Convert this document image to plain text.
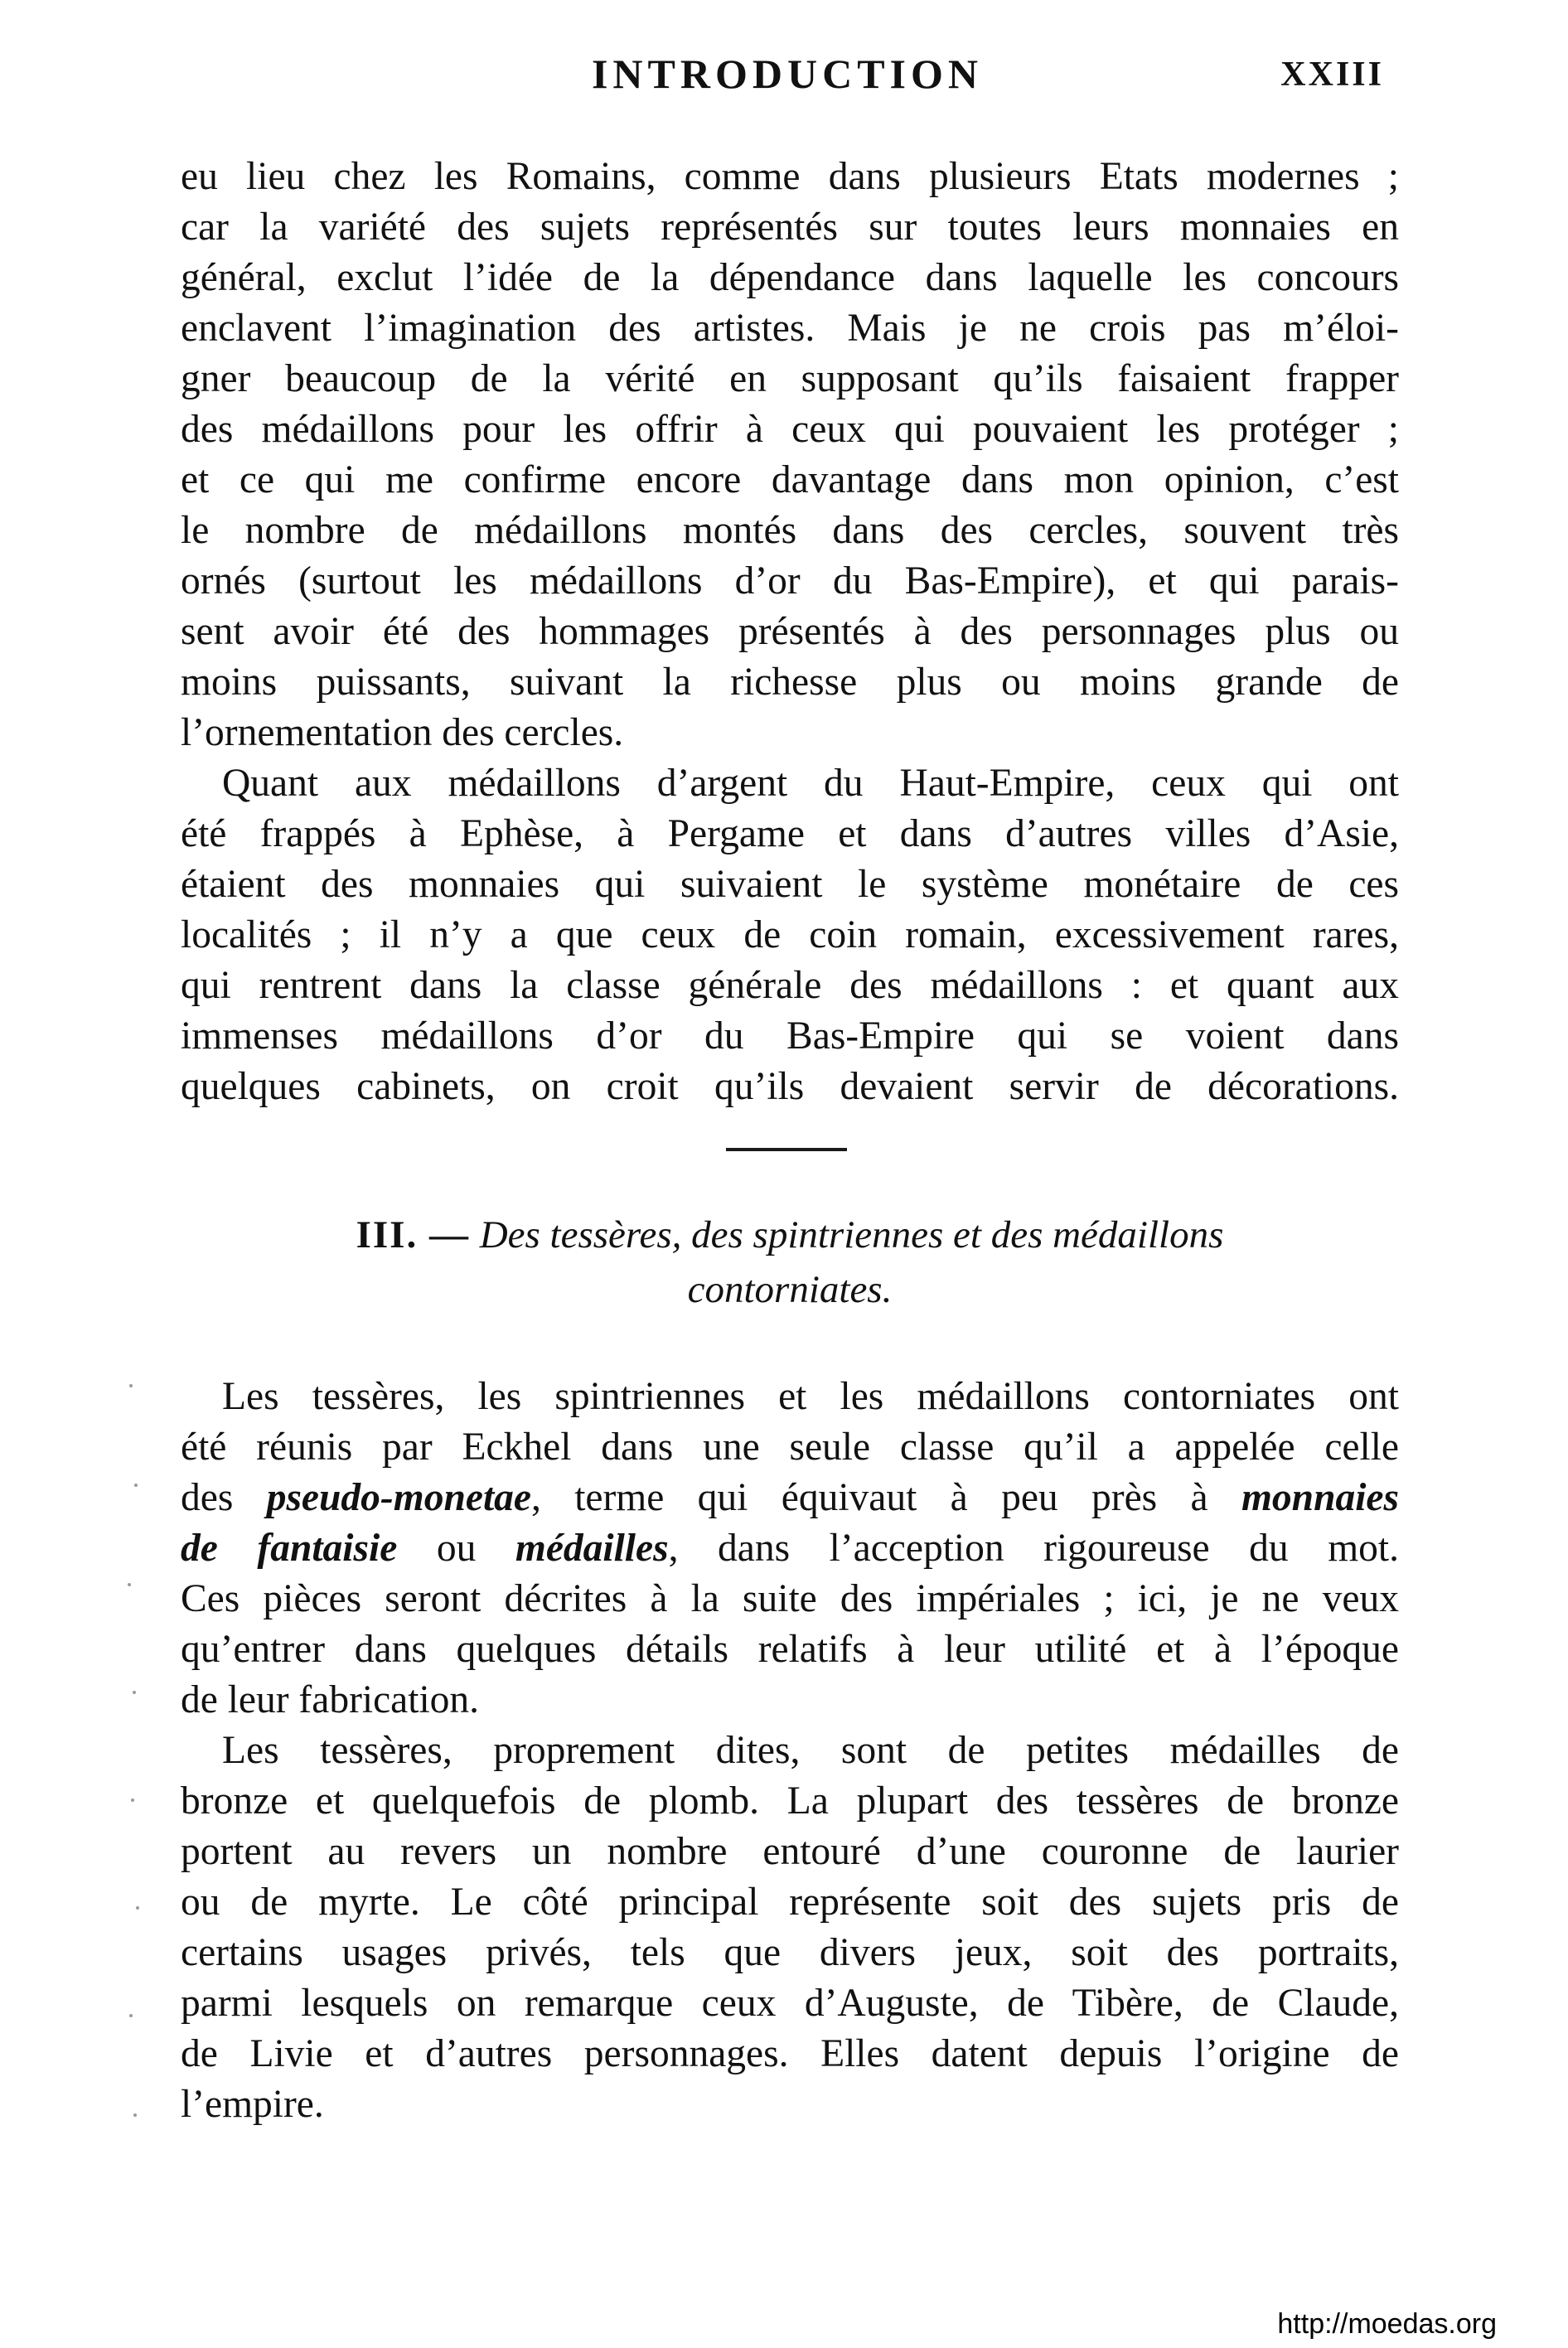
INTRODUCTION	XXIII

eu lieu chez les Romains, comme dans plusieurs Etats modernes ;
car la variété des sujets représentés sur toutes leurs monnaies en
général, exclut l’idée de la dépendance dans laquelle les concours
enclavent l’imagination des artistes. Mais je ne crois pas m’éloi-
gner beaucoup de la vérité en supposant qu’ils faisaient frapper
des médaillons pour les offrir à ceux qui pouvaient les protéger ;
et ce qui me confirme encore davantage dans mon opinion, c’est
le nombre de médaillons montés dans des cercles, souvent très
ornés (surtout les médaillons d’or du Bas-Empire), et qui parais-
sent avoir été des hommages présentés à des personnages plus ou
moins puissants, suivant la richesse plus ou moins grande de
l’ornementation des cercles.

Quant aux médaillons d’argent du Haut-Empire, ceux qui ont
été frappés à Ephèse, à Pergame et dans d’autres villes d’Asie,
étaient des monnaies qui suivaient le système monétaire de ces
localités ; il n’y a que ceux de coin romain, excessivement rares,
qui rentrent dans la classe générale des médaillons : et quant aux
immenses médaillons d’or du Bas-Empire qui se voient dans
quelques cabinets, on croit qu’ils devaient servir de décorations.

III. — Des tessères, des spintriennes et des médaillons
contorniates.

Les tessères, les spintriennes et les médaillons contorniates ont
été réunis par Eckhel dans une seule classe qu’il a appelée celle
des pseudo-monetae, terme qui équivaut à peu près à monnaies
de fantaisie ou médailles, dans l’acception rigoureuse du mot.
Ces pièces seront décrites à la suite des impériales ; ici, je ne veux
qu’entrer dans quelques détails relatifs à leur utilité et à l’époque
de leur fabrication.

Les tessères, proprement dites, sont de petites médailles de
bronze et quelquefois de plomb. La plupart des tessères de bronze
portent au revers un nombre entouré d’une couronne de laurier
ou de myrte. Le côté principal représente soit des sujets pris de
certains usages privés, tels que divers jeux, soit des portraits,
parmi lesquels on remarque ceux d’Auguste, de Tibère, de Claude,
de Livie et d’autres personnages. Elles datent depuis l’origine de
l’empire.

http://moedas.org
